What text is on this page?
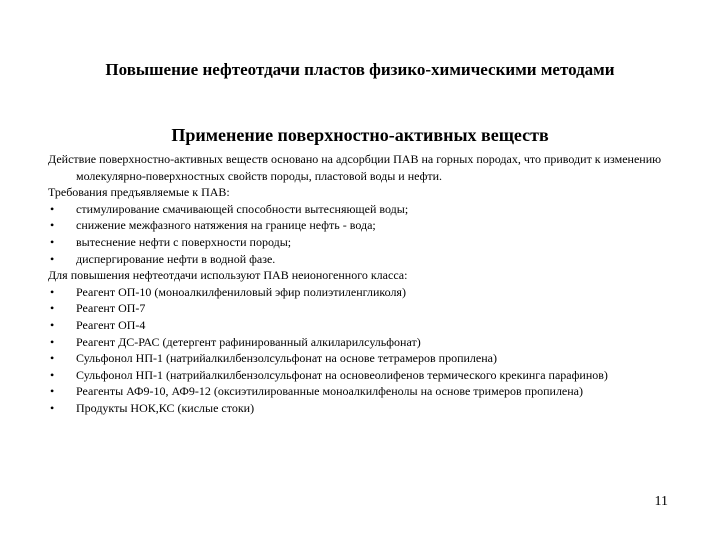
Повышение нефтеотдачи пластов физико-химическими методами
Применение поверхностно-активных веществ

Действие поверхностно-активных веществ основано на адсорбции ПАВ на горных породах, что приводит к изменению молекулярно-поверхностных свойств породы, пластовой воды и нефти.

Требования предъявляемые к ПАВ:

•	стимулирование смачивающей способности вытесняющей воды;
•	снижение межфазного натяжения на границе нефть - вода;
•	вытеснение нефти с поверхности породы;
•	диспергирование нефти в водной фазе.

Для повышения нефтеотдачи используют ПАВ неионогенного класса:

•	Реагент ОП-10 (моноалкилфениловый эфир полиэтиленгликоля)
•	Реагент ОП-7
•	Реагент ОП-4
•	Реагент ДС-РАС (детергент рафинированный алкиларилсульфонат)
•	Сульфонол НП-1 (натрийалкилбензолсульфонат на основе тетрамеров пропилена)
•	Сульфонол НП-1 (натрийалкилбензолсульфонат на основеолифенов термического крекинга парафинов)
•	Реагенты АФ9-10, АФ9-12 (оксиэтилированные моноалкилфенолы на основе тримеров пропилена)
•	Продукты НОК,КС (кислые стоки)
11
